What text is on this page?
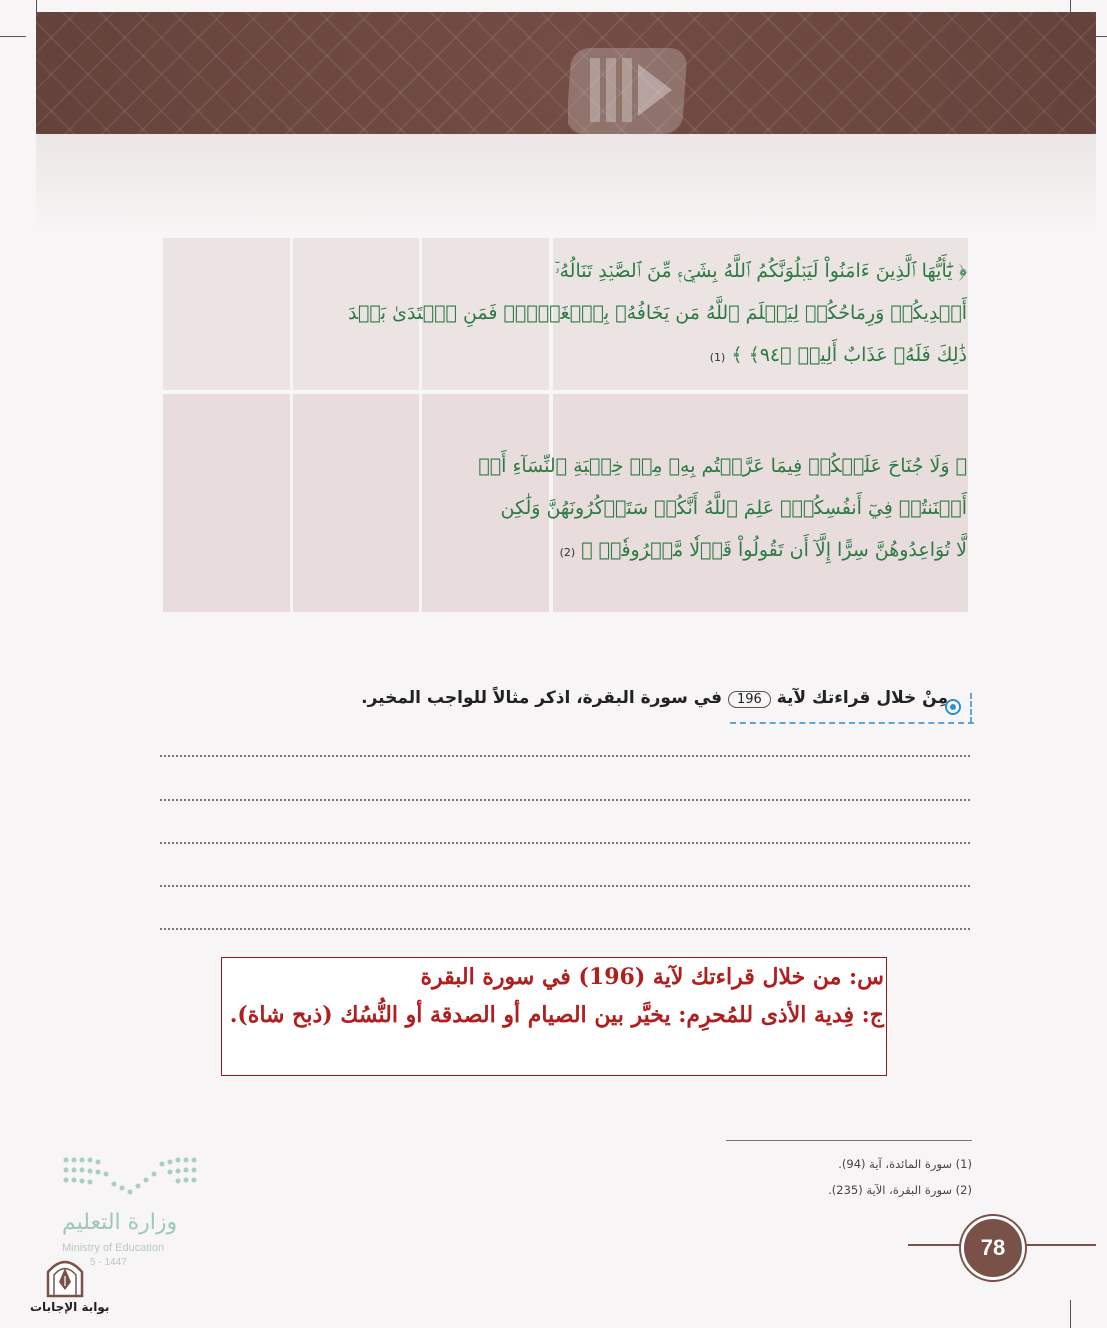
﴿ يَٰٓأَيُّهَا ٱلَّذِينَ ءَامَنُواْ لَيَبۡلُوَنَّكُمُ ٱللَّهُ بِشَيۡءٖ مِّنَ ٱلصَّيۡدِ تَنَالُهُۥٓ
أَيۡدِيكُمۡ وَرِمَاحُكُمۡ لِيَعۡلَمَ ٱللَّهُ مَن يَخَافُهُۥ بِٱلۡغَيۡبِۚ فَمَنِ ٱعۡتَدَىٰ بَعۡدَ
ذَٰلِكَ فَلَهُۥ عَذَابٌ أَلِيمٞ ﴿٩٤﴾ ﴾ (1)
﴿ وَلَا جُنَاحَ عَلَيۡكُمۡ فِيمَا عَرَّضۡتُم بِهِۦ مِنۡ خِطۡبَةِ ٱلنِّسَآءِ أَوۡ
أَكۡنَنتُمۡ فِيٓ أَنفُسِكُمۡۚ عَلِمَ ٱللَّهُ أَنَّكُمۡ سَتَذۡكُرُونَهُنَّ وَلَٰكِن
لَّا تُوَاعِدُوهُنَّ سِرًّا إِلَّآ أَن تَقُولُواْ قَوۡلٗا مَّعۡرُوفٗاۚ ﴾ (2)
مِنْ خلال قراءتك لآية 196 في سورة البقرة، اذكر مثالاً للواجب المخير.
س: من خلال قراءتك لآية (196) في سورة البقرة
ج: فِدية الأذى للمُحرِم: يخيَّر بين الصيام أو الصدقة أو النُّسُك (ذبح شاة).
(1) سورة المائدة، آية (94).
(2) سورة البقرة، الآية (235).
78
وزارة التعليم
Ministry of Education
5 - 1447
بوابة الإجابات
